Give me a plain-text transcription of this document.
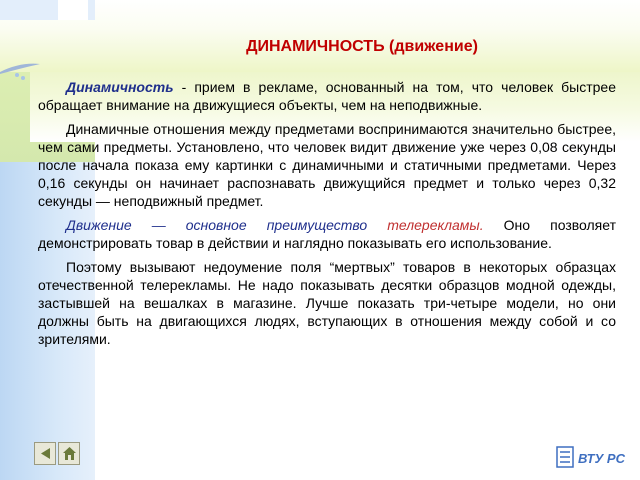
ДИНАМИЧНОСТЬ (движение)

Динамичность - прием в рекламе, основанный на том, что человек быстрее обращает внимание на движущиеся объекты, чем на неподвижные.

Динамичные отношения между предметами воспринимаются значительно быстрее, чем сами предметы. Установлено, что человек видит движение уже через 0,08 секунды после начала показа ему картинки с динамичными и статичными предметами. Через 0,16 секунды он начинает распознавать движущийся предмет и только через 0,32 секунды — неподвижный предмет.

Движение — основное преимущество телерекламы. Оно позволяет демонстрировать товар в действии и наглядно показывать его использование.

Поэтому вызывают недоумение поля “мертвых” товаров в некоторых образцах отечественной телерекламы. Не надо показывать десятки образцов модной одежды, застывшей на вешалках в магазине. Лучше показать три-четыре модели, но они должны быть на двигающихся людях, вступающих в отношения между собой и со зрителями.

ВТУ РС
